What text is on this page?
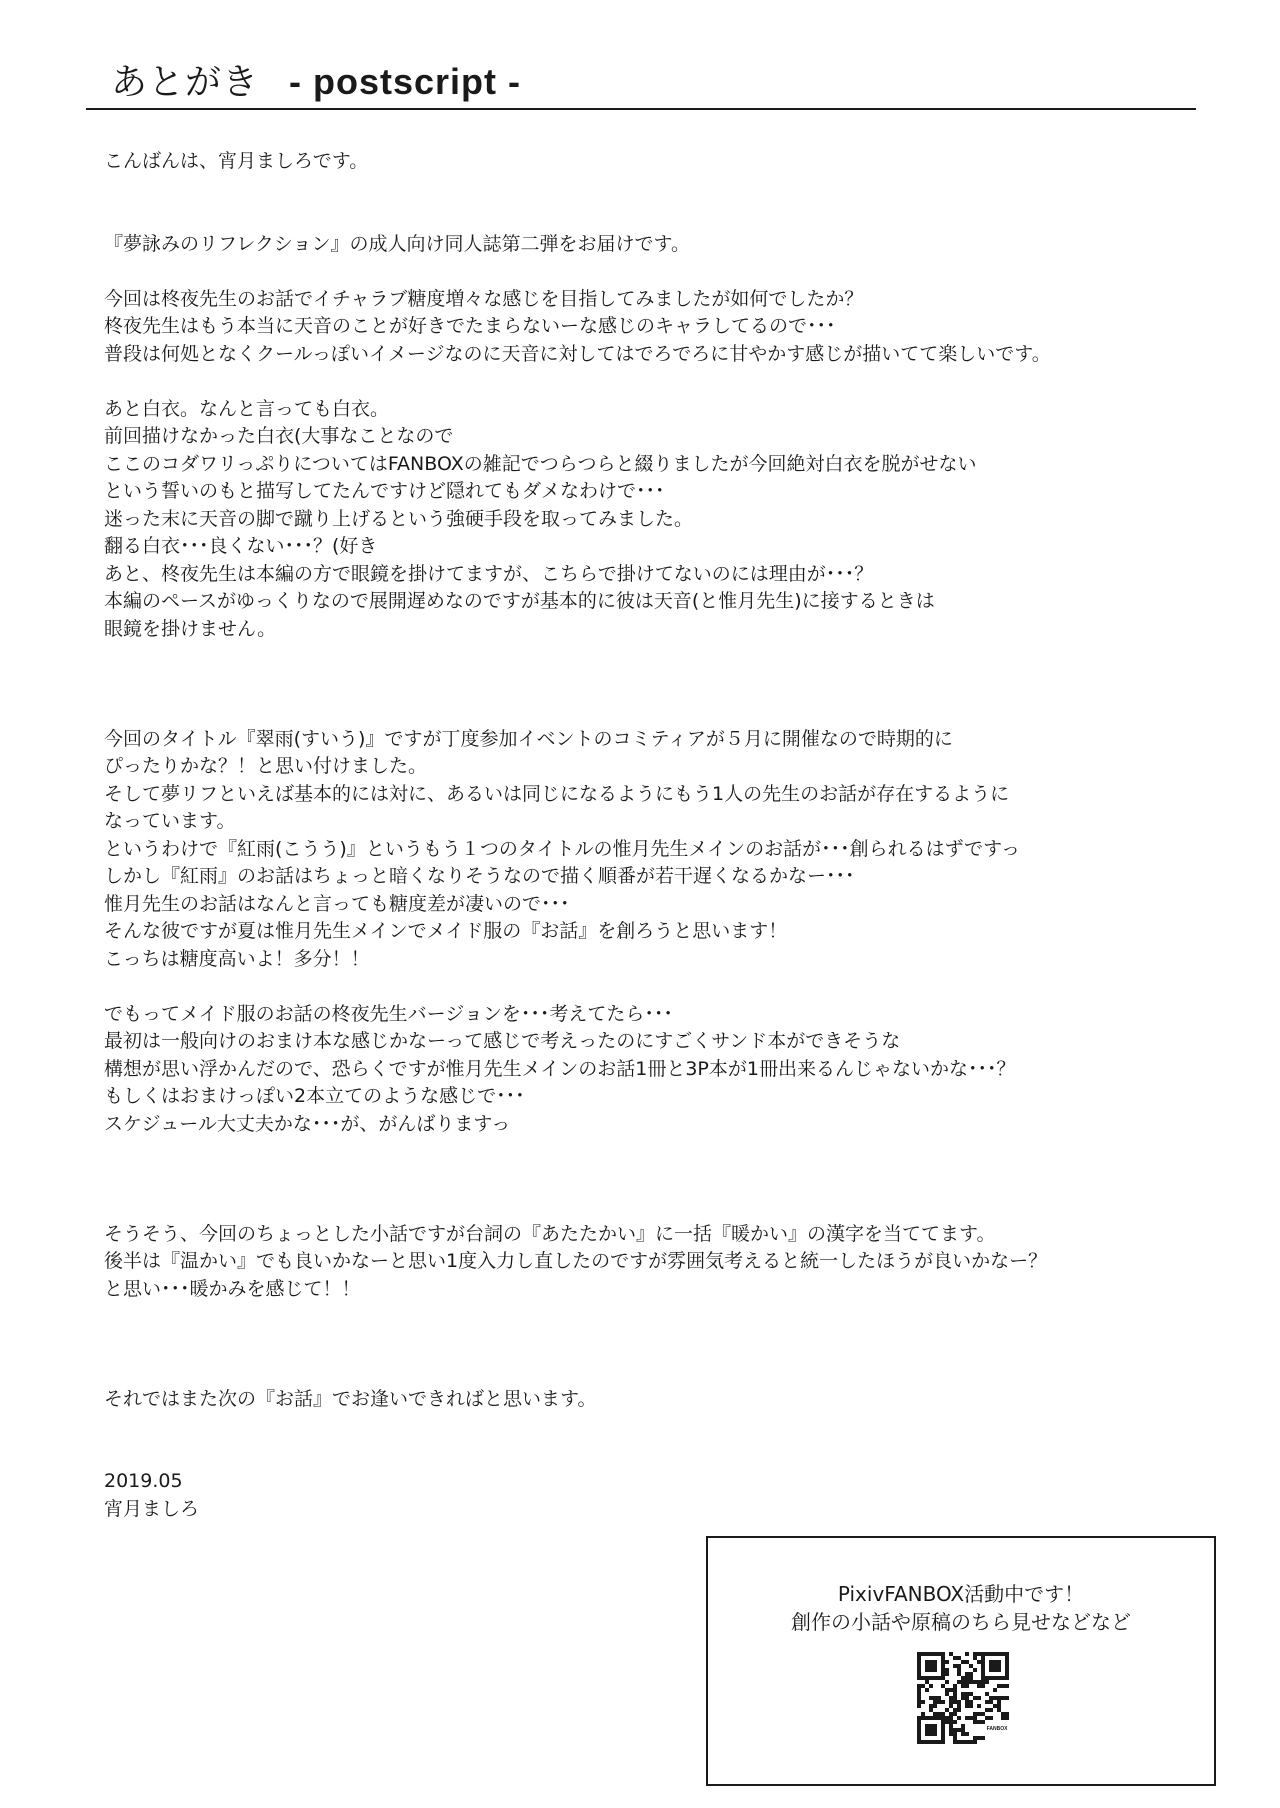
あとがき - postscript -
こんばんは、宵月ましろです。
『夢詠みのリフレクション』の成人向け同人誌第二弾をお届けです。
今回は柊夜先生のお話でイチャラブ糖度増々な感じを目指してみましたが如何でしたか？
柊夜先生はもう本当に天音のことが好きでたまらないーな感じのキャラしてるので･･･
普段は何処となくクールっぽいイメージなのに天音に対してはでろでろに甘やかす感じが描いてて楽しいです。
あと白衣。なんと言っても白衣。
前回描けなかった白衣(大事なことなので
ここのコダワリっぷりについてはFANBOXの雑記でつらつらと綴りましたが今回絶対白衣を脱がせない
という誓いのもと描写してたんですけど隠れてもダメなわけで･･･
迷った末に天音の脚で蹴り上げるという強硬手段を取ってみました。
翻る白衣･･･良くない･･･？(好き
あと、柊夜先生は本編の方で眼鏡を掛けてますが、こちらで掛けてないのには理由が･･･？
本編のペースがゆっくりなので展開遅めなのですが基本的に彼は天音(と惟月先生)に接するときは
眼鏡を掛けません。
今回のタイトル『翠雨(すいう)』ですが丁度参加イベントのコミティアが５月に開催なので時期的に
ぴったりかな？！と思い付けました。
そして夢リフといえば基本的には対に、あるいは同じになるようにもう1人の先生のお話が存在するように
なっています。
というわけで『紅雨(こうう)』というもう１つのタイトルの惟月先生メインのお話が･･･創られるはずですっ
しかし『紅雨』のお話はちょっと暗くなりそうなので描く順番が若干遅くなるかなー･･･
惟月先生のお話はなんと言っても糖度差が凄いので･･･
そんな彼ですが夏は惟月先生メインでメイド服の『お話』を創ろうと思います！
こっちは糖度高いよ！多分！！
でもってメイド服のお話の柊夜先生バージョンを･･･考えてたら･･･
最初は一般向けのおまけ本な感じかなーって感じで考えったのにすごくサンド本ができそうな
構想が思い浮かんだので、恐らくですが惟月先生メインのお話1冊と3P本が1冊出来るんじゃないかな･･･？
もしくはおまけっぽい2本立てのような感じで･･･
スケジュール大丈夫かな･･･が、がんばりますっ
そうそう、今回のちょっとした小話ですが台詞の『あたたかい』に一括『暖かい』の漢字を当ててます。
後半は『温かい』でも良いかなーと思い1度入力し直したのですが雰囲気考えると統一したほうが良いかなー？
と思い･･･暖かみを感じて！！
それではまた次の『お話』でお逢いできればと思います。
2019.05
宵月ましろ
PixivFANBOX活動中です！
創作の小話や原稿のちら見せなどなど
FANBOX
